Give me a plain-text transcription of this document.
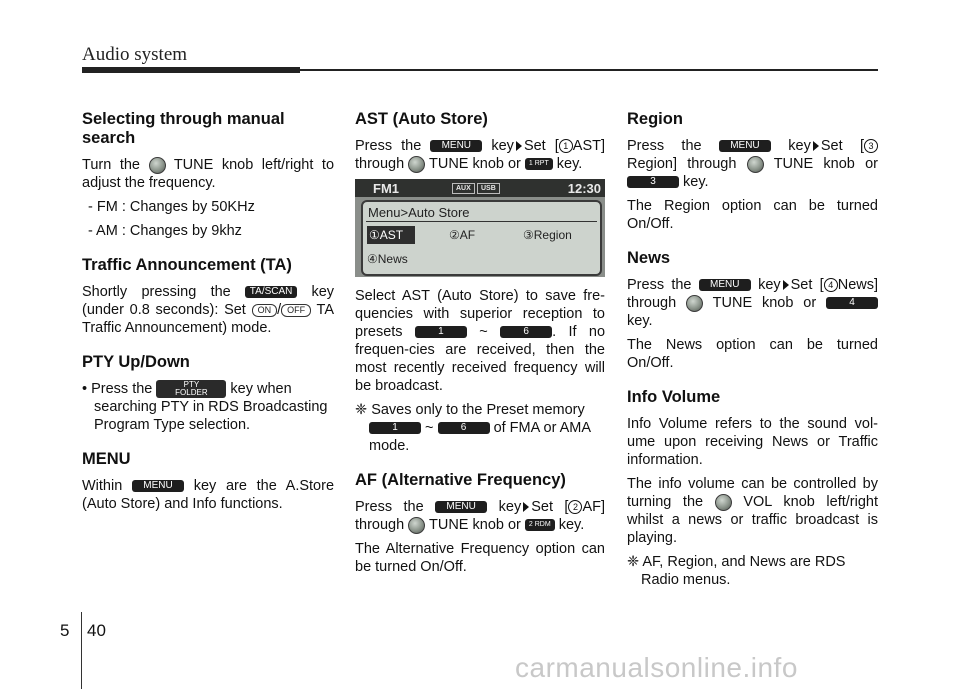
Audio system
Selecting through manual search

Turn the TUNE knob left/right to adjust the frequency.

- FM : Changes by 50KHz

- AM : Changes by 9khz

Traffic Announcement (TA)

Shortly pressing the TA/SCAN key (under 0.8 seconds): Set ON / OFF TA Traffic Announcement) mode.

PTY Up/Down

• Press the	PTY
FOLDER key when searching PTY in RDS Broadcasting Program Type selection.

MENU

Within MENU key are the A.Store (Auto Store) and Info functions.

AST (Auto Store)

Press the MENU key Set [ 1 AST] through TUNE knob or 1 RPT key.

FM1	AUX	USB	12:30
Menu>Auto Store
①AST	②AF	③Region
④News

Select AST (Auto Store) to save fre-quencies with superior reception to presets	1 ~	6 . If no frequen-cies are received, then the most recently received frequency will be broadcast.

❈ Saves only to the Preset memory 1 ~	6 of FMA or AMA mode.

AF (Alternative Frequency)

Press the MENU key Set [ 2 AF] through TUNE knob or 2 RDM key.

The Alternative Frequency option can be turned On/Off.

Region

Press the	MENU key Set [ 3 Region] through	TUNE knob or 3 key.

The Region option can be turned On/Off.

News

Press the MENU key Set [ 4 News] through	TUNE knob or	4 key.

The News option can be turned On/Off.

Info Volume

Info Volume refers to the sound vol-ume upon receiving News or Traffic information.

The info volume can be controlled by turning the	VOL knob left/right whilst a news or traffic broadcast is playing.

❈ AF, Region, and News are RDS Radio menus.

5 40
carmanualsonline.info
